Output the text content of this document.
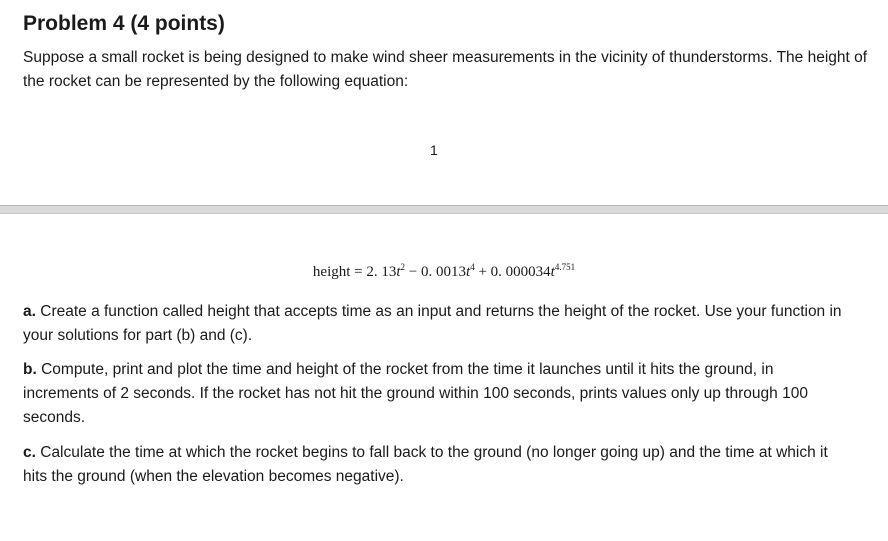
Problem 4 (4 points)

Suppose a small rocket is being designed to make wind sheer measurements in the vicinity of thunderstorms. The height of the rocket can be represented by the following equation:

1
height = 2. $13t^2 - 0$. $0013t^4 + 0$. $000034t^{4.751}$

a. Create a function called height that accepts time as an input and returns the height of the rocket. Use your function in your solutions for part (b) and (c).

b. Compute, print and plot the time and height of the rocket from the time it launches until it hits the ground, in increments of 2 seconds. If the rocket has not hit the ground within 100 seconds, prints values only up through 100 seconds.

c. Calculate the time at which the rocket begins to fall back to the ground (no longer going up) and the time at which it hits the ground (when the elevation becomes negative).
